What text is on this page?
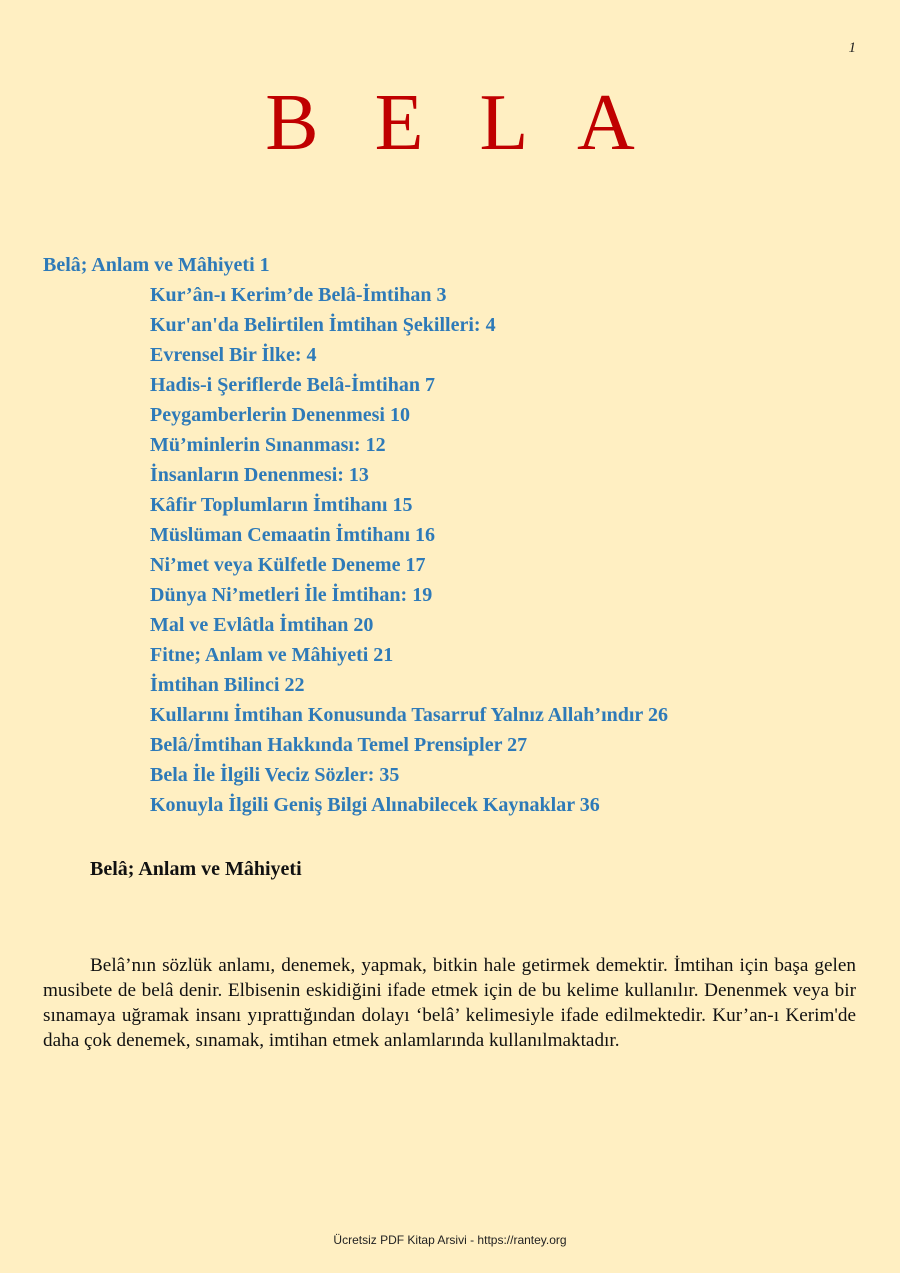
1
B E L A
Belâ; Anlam ve Mâhiyeti 1
Kur’ân-ı Kerim’de Belâ-İmtihan 3
Kur'an'da Belirtilen İmtihan Şekilleri: 4
Evrensel Bir İlke: 4
Hadis-i Şeriflerde Belâ-İmtihan 7
Peygamberlerin Denenmesi 10
Mü’minlerin Sınanması: 12
İnsanların Denenmesi: 13
Kâfir Toplumların İmtihanı 15
Müslüman Cemaatin İmtihanı 16
Ni’met veya Külfetle Deneme 17
Dünya Ni’metleri İle İmtihan: 19
Mal ve Evlâtla İmtihan 20
Fitne; Anlam ve Mâhiyeti 21
İmtihan Bilinci 22
Kullarını İmtihan Konusunda Tasarruf Yalnız Allah’ındır 26
Belâ/İmtihan Hakkında Temel Prensipler 27
Bela İle İlgili Veciz Sözler: 35
Konuyla İlgili Geniş Bilgi Alınabilecek Kaynaklar 36
Belâ; Anlam ve Mâhiyeti

Belâ’nın sözlük anlamı, denemek, yapmak, bitkin hale getirmek demektir. İmtihan için başa gelen musibete de belâ denir. Elbisenin eskidiğini ifade etmek için de bu kelime kullanılır. Denenmek veya bir sınamaya uğramak insanı yıprattığından dolayı ‘belâ’ kelimesiyle ifade edilmektedir. Kur’an-ı Kerim'de daha çok denemek, sınamak, imtihan etmek anlamlarında kullanılmaktadır.

Ücretsiz PDF Kitap Arsivi - https://rantey.org
